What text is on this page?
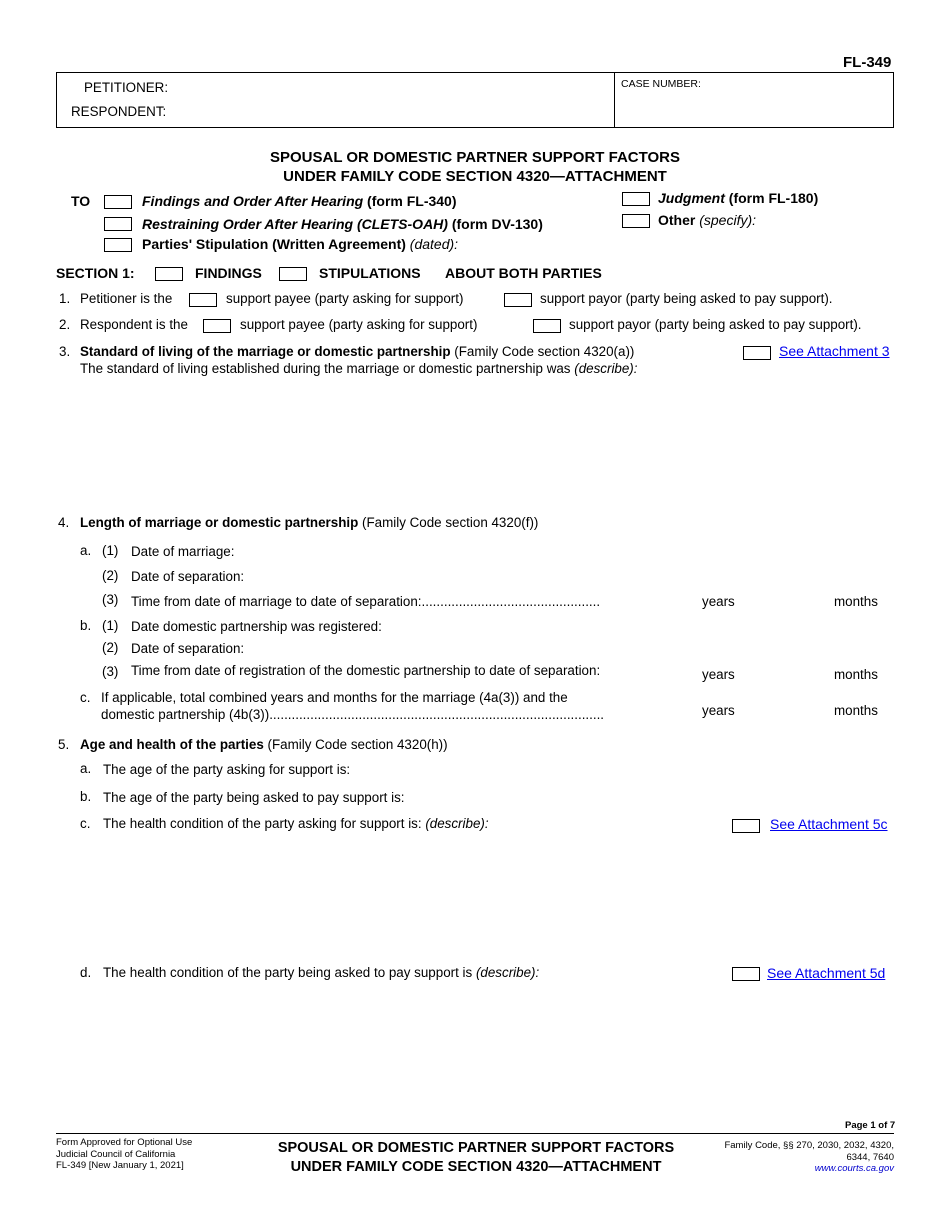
FL-349
PETITIONER:
RESPONDENT:
CASE NUMBER:
SPOUSAL OR DOMESTIC PARTNER SUPPORT FACTORS
UNDER FAMILY CODE SECTION 4320—ATTACHMENT
TO	Findings and Order After Hearing (form FL-340)
Restraining Order After Hearing (CLETS-OAH) (form DV-130)
Parties' Stipulation (Written Agreement) (dated):
Judgment (form FL-180)
Other (specify):
SECTION 1:	FINDINGS	STIPULATIONS ABOUT BOTH PARTIES
1. Petitioner is the	support payee (party asking for support)	support payor (party being asked to pay support).
2. Respondent is the	support payee (party asking for support)	support payor (party being asked to pay support).
3. Standard of living of the marriage or domestic partnership (Family Code section 4320(a))
The standard of living established during the marriage or domestic partnership was (describe):
See Attachment 3
4. Length of marriage or domestic partnership (Family Code section 4320(f))
a. (1) Date of marriage:
(2) Date of separation:
(3) Time from date of marriage to date of separation:................................................	years	months
b. (1) Date domestic partnership was registered:
(2) Date of separation:
(3) Time from date of registration of the domestic partnership to date of separation:	years	months
c. If applicable, total combined years and months for the marriage (4a(3)) and the
domestic partnership (4b(3))..........................................................................................	years	months
5. Age and health of the parties (Family Code section 4320(h))
a. The age of the party asking for support is:
b. The age of the party being asked to pay support is:
c. The health condition of the party asking for support is: (describe):	See Attachment 5c
d. The health condition of the party being asked to pay support is (describe):	See Attachment 5d
Page 1 of 7
Form Approved for Optional Use
Judicial Council of California
FL-349 [New January 1, 2021]
SPOUSAL OR DOMESTIC PARTNER SUPPORT FACTORS
UNDER FAMILY CODE SECTION 4320—ATTACHMENT
Family Code, §§ 270, 2030, 2032, 4320,
6344, 7640
www.courts.ca.gov
